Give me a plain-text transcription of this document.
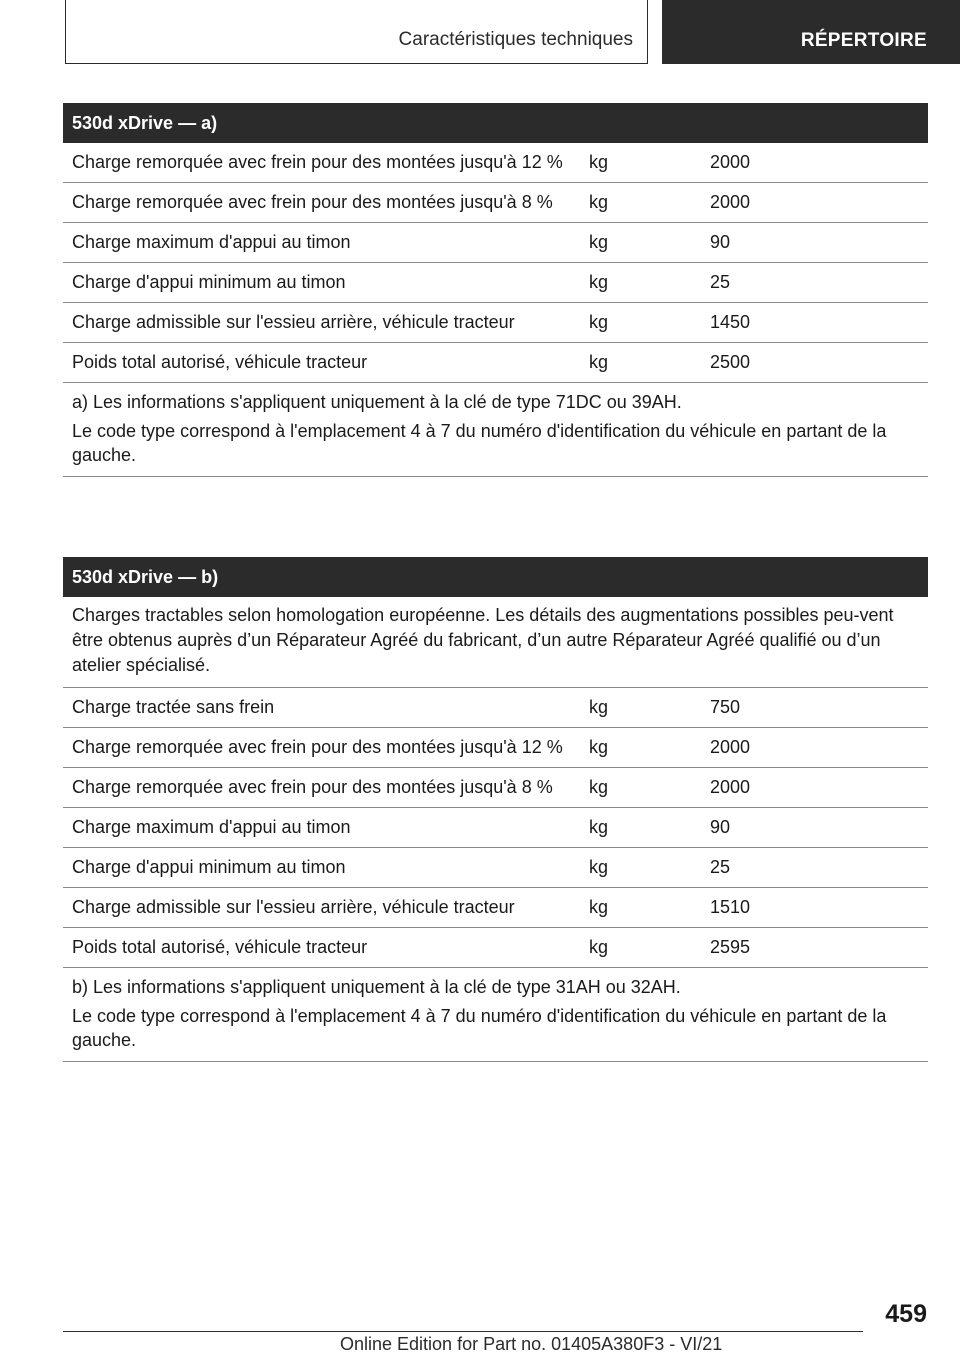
Caractéristiques techniques	RÉPERTOIRE
530d xDrive — a)
Charge remorquée avec frein pour des montées jusqu'à 12 %	kg	2000
Charge remorquée avec frein pour des montées jusqu'à 8 %	kg	2000
Charge maximum d'appui au timon	kg	90
Charge d'appui minimum au timon	kg	25
Charge admissible sur l'essieu arrière, véhicule tracteur	kg	1450
Poids total autorisé, véhicule tracteur	kg	2500

a) Les informations s'appliquent uniquement à la clé de type 71DC ou 39AH.

Le code type correspond à l'emplacement 4 à 7 du numéro d'identification du véhicule en partant de la gauche.

530d xDrive — b)
Charges tractables selon homologation européenne. Les détails des augmentations possibles peu-vent être obtenus auprès d’un Réparateur Agréé du fabricant, d’un autre Réparateur Agréé qualifié ou d’un atelier spécialisé.
Charge tractée sans frein	kg	750
Charge remorquée avec frein pour des montées jusqu'à 12 %	kg	2000
Charge remorquée avec frein pour des montées jusqu'à 8 %	kg	2000
Charge maximum d'appui au timon	kg	90
Charge d'appui minimum au timon	kg	25
Charge admissible sur l'essieu arrière, véhicule tracteur	kg	1510
Poids total autorisé, véhicule tracteur	kg	2595

b) Les informations s'appliquent uniquement à la clé de type 31AH ou 32AH.

Le code type correspond à l'emplacement 4 à 7 du numéro d'identification du véhicule en partant de la gauche.

459
Online Edition for Part no. 01405A380F3 - VI/21
